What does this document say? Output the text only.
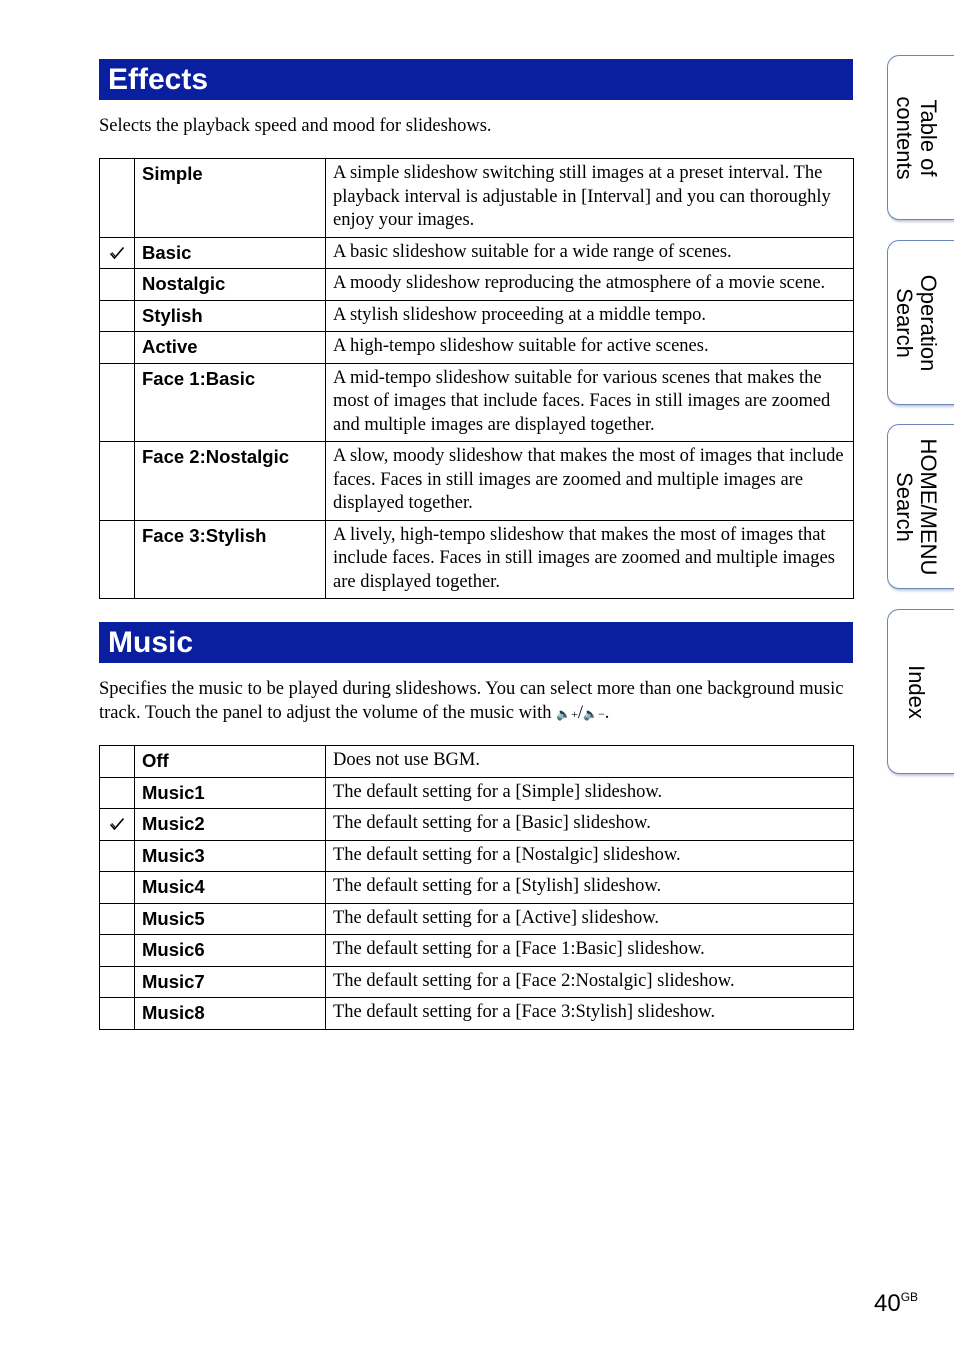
Effects
Selects the playback speed and mood for slideshows.
	Simple	A simple slideshow switching still images at a preset interval. The playback interval is adjustable in [Interval] and you can thoroughly enjoy your images.

	Basic	A basic slideshow suitable for a wide range of scenes.
	Nostalgic	A moody slideshow reproducing the atmosphere of a movie scene.
	Stylish	A stylish slideshow proceeding at a middle tempo.
	Active	A high-tempo slideshow suitable for active scenes.
	Face 1:Basic	A mid-tempo slideshow suitable for various scenes that makes the most of images that include faces. Faces in still images are zoomed and multiple images are displayed together.
	Face 2:Nostalgic	A slow, moody slideshow that makes the most of images that include faces. Faces in still images are zoomed and multiple images are displayed together.
	Face 3:Stylish	A lively, high-tempo slideshow that makes the most of images that include faces. Faces in still images are zoomed and multiple images are displayed together.
Music
Specifies the music to be played during slideshows. You can select more than one background music track. Touch the panel to adjust the volume of the music with 🔈+/🔈−.
	Off	Does not use BGM.
	Music1	The default setting for a [Simple] slideshow.

	Music2	The default setting for a [Basic] slideshow.
	Music3	The default setting for a [Nostalgic] slideshow.
	Music4	The default setting for a [Stylish] slideshow.
	Music5	The default setting for a [Active] slideshow.
	Music6	The default setting for a [Face 1:Basic] slideshow.
	Music7	The default setting for a [Face 2:Nostalgic] slideshow.
	Music8	The default setting for a [Face 3:Stylish] slideshow.
Table of
contents
Operation
Search
HOME/MENU
Search
Index
$40^{GB}$
